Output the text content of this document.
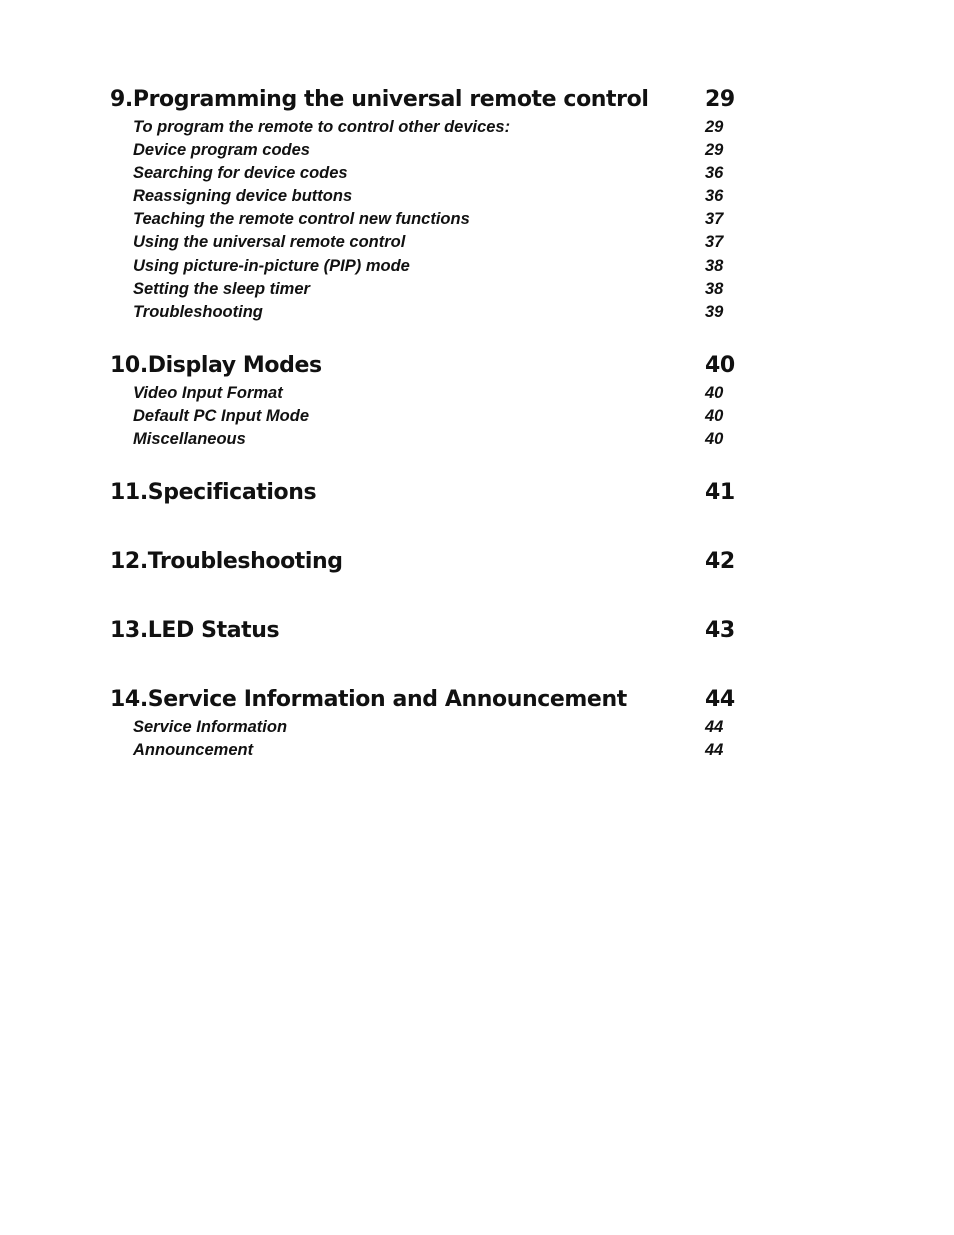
9.Programming the universal remote control	29
To program the remote to control other devices:	29
Device program codes	29
Searching for device codes	36
Reassigning device buttons	36
Teaching the remote control new functions	37
Using the universal remote control	37
Using picture-in-picture (PIP) mode	38
Setting the sleep timer	38
Troubleshooting	39
10.Display Modes	40
Video Input Format	40
Default PC Input Mode	40
Miscellaneous	40
11.Specifications	41
12.Troubleshooting	42
13.LED Status	43
14.Service Information and Announcement	44
Service Information	44
Announcement	44
